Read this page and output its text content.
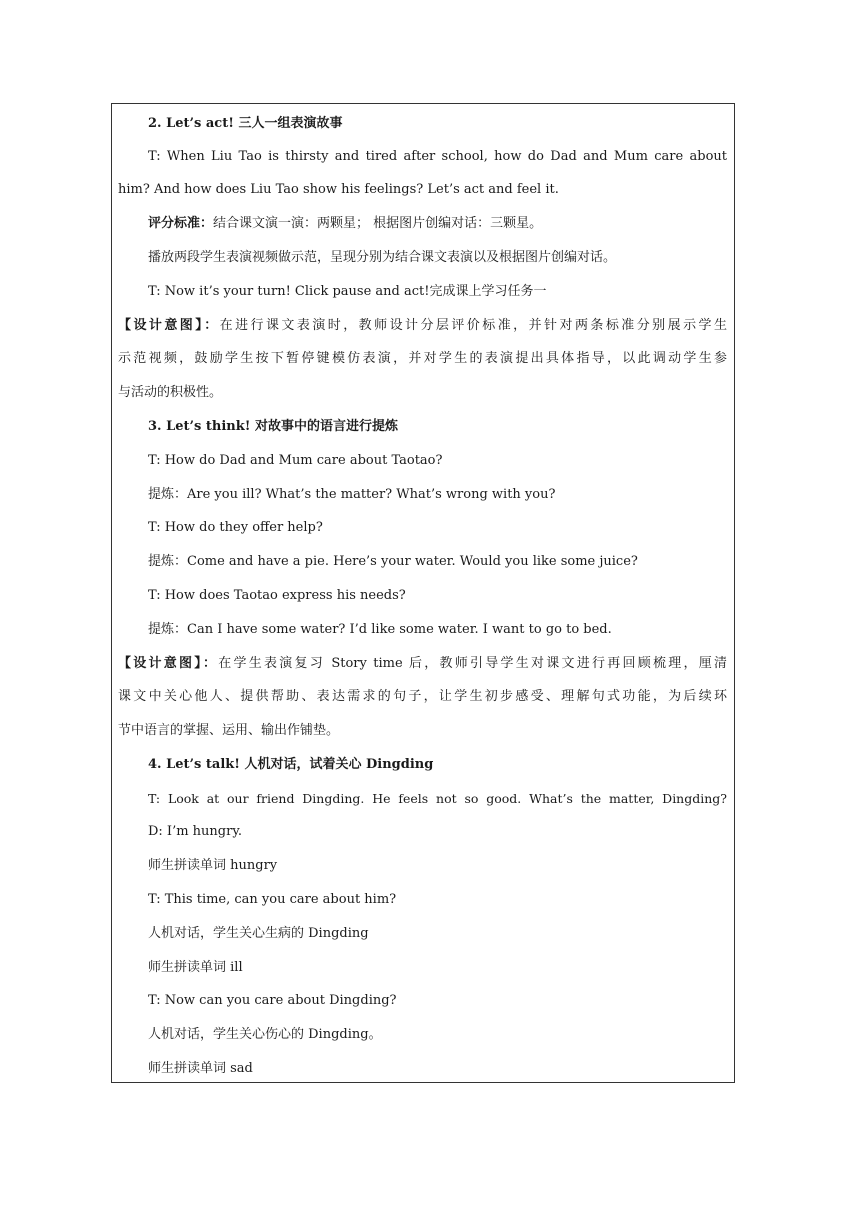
2. Let’s act! 三人一组表演故事
T: When Liu Tao is thirsty and tired after school, how do Dad and Mum care about
him? And how does Liu Tao show his feelings? Let’s act and feel it.
评分标准：结合课文演一演：两颗星； 根据图片创编对话：三颗星。
播放两段学生表演视频做示范，呈现分别为结合课文表演以及根据图片创编对话。
T: Now it’s your turn! Click pause and act!完成课上学习任务一
【设计意图】：在进行课文表演时，教师设计分层评价标准，并针对两条标准分别展示学生
示范视频，鼓励学生按下暂停键模仿表演，并对学生的表演提出具体指导，以此调动学生参
与活动的积极性。
3. Let’s think! 对故事中的语言进行提炼
T: How do Dad and Mum care about Taotao?
提炼：Are you ill? What’s the matter? What’s wrong with you?
T: How do they offer help?
提炼：Come and have a pie. Here’s your water. Would you like some juice?
T: How does Taotao express his needs?
提炼：Can I have some water? I’d like some water. I want to go to bed.
【设计意图】：在学生表演复习 Story time 后，教师引导学生对课文进行再回顾梳理，厘清
课文中关心他人、提供帮助、表达需求的句子，让学生初步感受、理解句式功能，为后续环
节中语言的掌握、运用、输出作铺垫。
4. Let’s talk! 人机对话，试着关心 Dingding
T: Look at our friend Dingding. He feels not so good. What’s the matter, Dingding?
D: I’m hungry.
师生拼读单词 hungry
T: This time, can you care about him?
人机对话，学生关心生病的 Dingding
师生拼读单词 ill
T: Now can you care about Dingding?
人机对话，学生关心伤心的 Dingding。
师生拼读单词 sad
